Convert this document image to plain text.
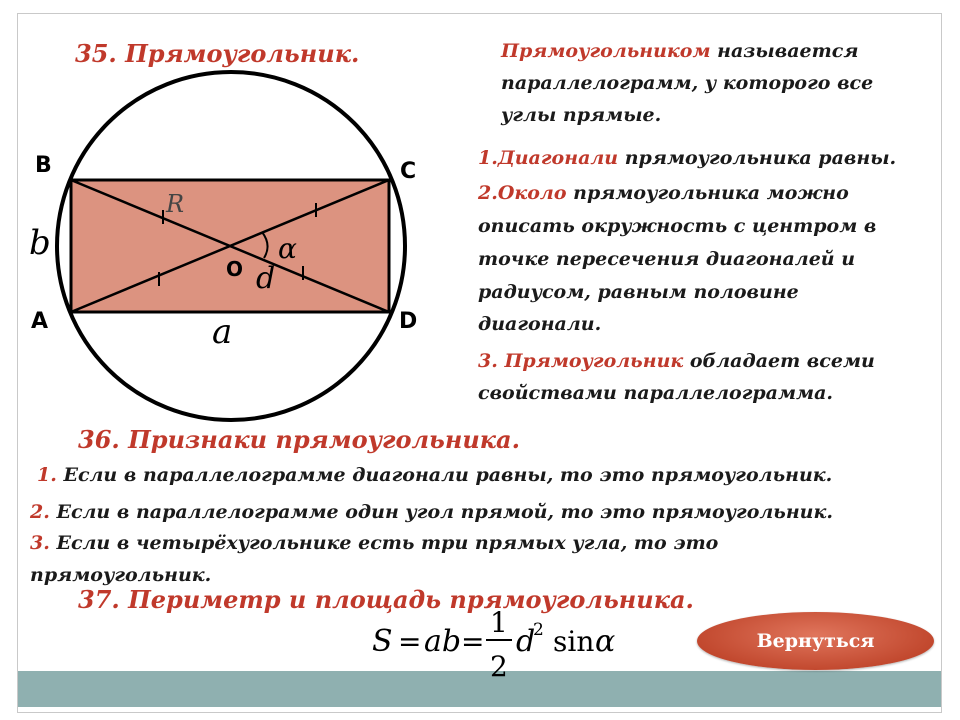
R
α
O d
b
a
B	C
A	D
35. Прямоугольник.	Прямоугольником называется
параллелограмм, у которого все
углы прямые.
1.Диагонали прямоугольника равны.
2.Около прямоугольника можно
описать окружность с центром в
точке пересечения диагоналей и
радиусом, равным половине
диагонали.
3. Прямоугольник обладает всеми
свойствами параллелограмма.
36. Признаки прямоугольника.
1. Если в параллелограмме диагонали равны, то это прямоугольник.
2. Если в параллелограмме один угол прямой, то это прямоугольник.
3. Если в четырёхугольнике есть три прямых угла, то это
прямоугольник.
37. Периметр и площадь прямоугольника.
S = ab =
1
2
d
2 sin α	Вернуться
